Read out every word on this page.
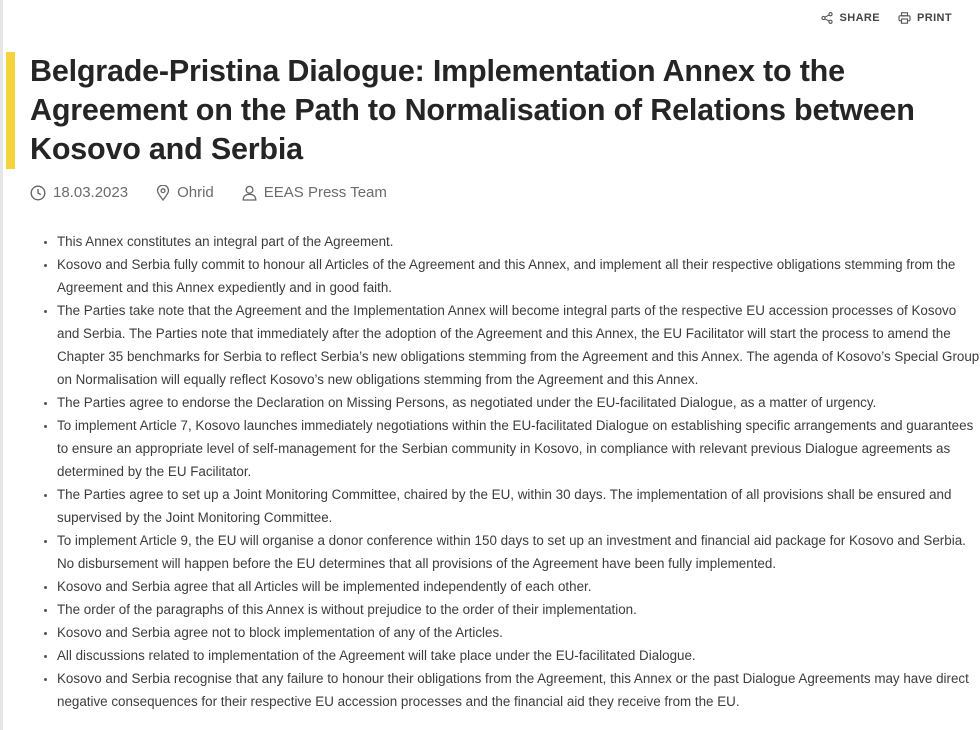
SHARE	PRINT
Belgrade-Pristina Dialogue: Implementation Annex to the Agreement on the Path to Normalisation of Relations between Kosovo and Serbia
18.03.2023	Ohrid	EEAS Press Team
• This Annex constitutes an integral part of the Agreement.
• Kosovo and Serbia fully commit to honour all Articles of the Agreement and this Annex, and implement all their respective obligations stemming from the Agreement and this Annex expediently and in good faith.
• The Parties take note that the Agreement and the Implementation Annex will become integral parts of the respective EU accession processes of Kosovo and Serbia. The Parties note that immediately after the adoption of the Agreement and this Annex, the EU Facilitator will start the process to amend the Chapter 35 benchmarks for Serbia to reflect Serbia’s new obligations stemming from the Agreement and this Annex. The agenda of Kosovo’s Special Group on Normalisation will equally reflect Kosovo’s new obligations stemming from the Agreement and this Annex.
• The Parties agree to endorse the Declaration on Missing Persons, as negotiated under the EU-facilitated Dialogue, as a matter of urgency.
• To implement Article 7, Kosovo launches immediately negotiations within the EU-facilitated Dialogue on establishing specific arrangements and guarantees to ensure an appropriate level of self-management for the Serbian community in Kosovo, in compliance with relevant previous Dialogue agreements as determined by the EU Facilitator.
• The Parties agree to set up a Joint Monitoring Committee, chaired by the EU, within 30 days. The implementation of all provisions shall be ensured and supervised by the Joint Monitoring Committee.
• To implement Article 9, the EU will organise a donor conference within 150 days to set up an investment and financial aid package for Kosovo and Serbia. No disbursement will happen before the EU determines that all provisions of the Agreement have been fully implemented.
• Kosovo and Serbia agree that all Articles will be implemented independently of each other.
• The order of the paragraphs of this Annex is without prejudice to the order of their implementation.
• Kosovo and Serbia agree not to block implementation of any of the Articles.
• All discussions related to implementation of the Agreement will take place under the EU-facilitated Dialogue.
• Kosovo and Serbia recognise that any failure to honour their obligations from the Agreement, this Annex or the past Dialogue Agreements may have direct negative consequences for their respective EU accession processes and the financial aid they receive from the EU.
